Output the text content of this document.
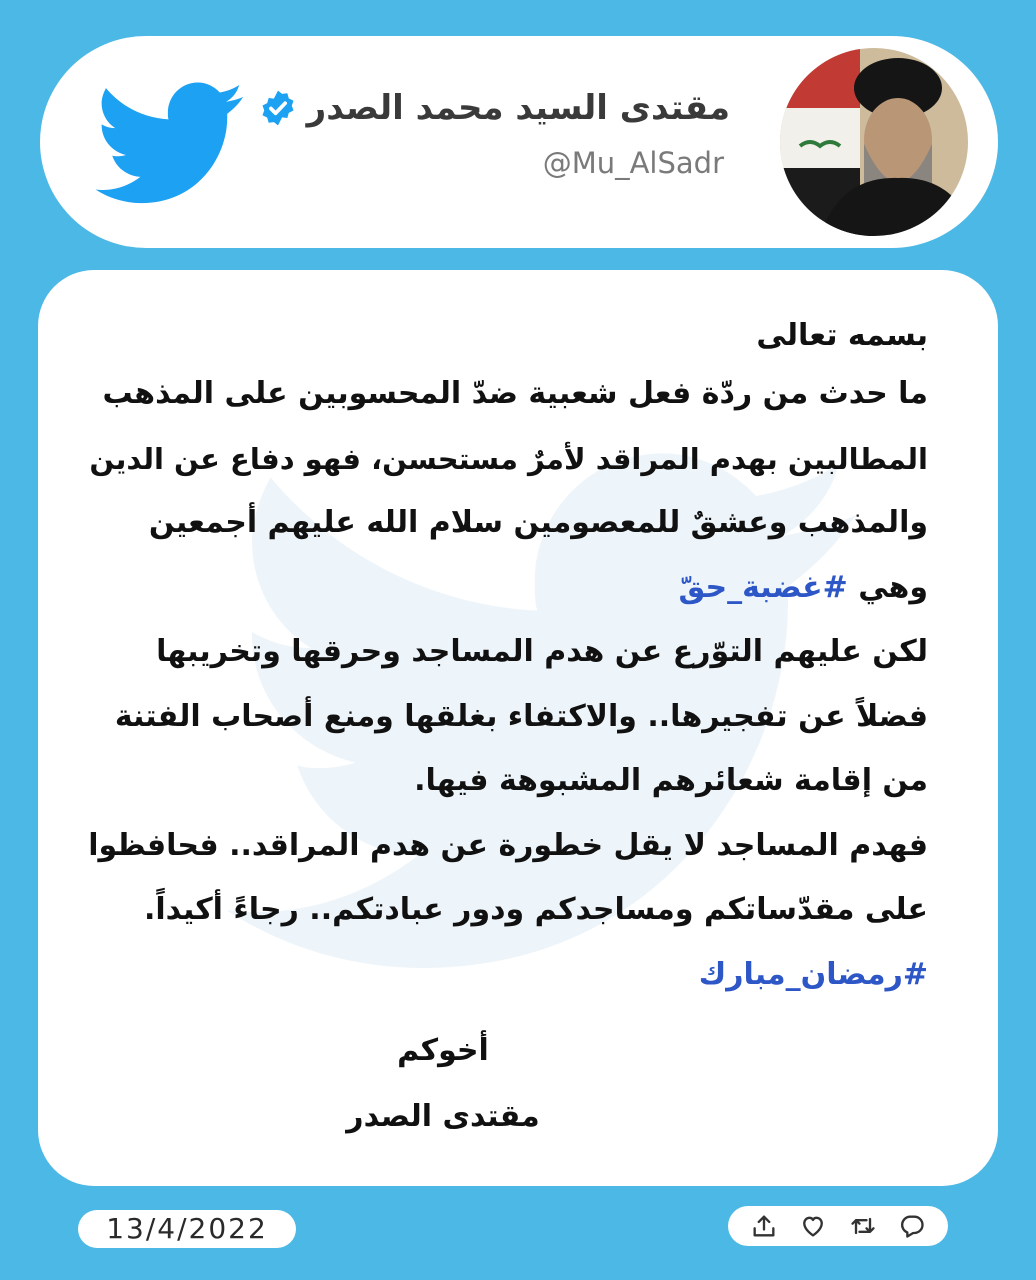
مقتدى السيد محمد الصدر
@Mu_AlSadr
بسمه تعالى
ما حدث من ردّة فعل شعبية ضدّ المحسوبين على المذهب
المطالبين بهدم المراقد لأمرٌ مستحسن، فهو دفاع عن الدين
والمذهب وعشقٌ للمعصومين سلام الله عليهم أجمعين
وهي #غضبة_حقّ
لكن عليهم التوّرع عن هدم المساجد وحرقها وتخريبها
فضلاً عن تفجيرها.. والاكتفاء بغلقها ومنع أصحاب الفتنة
من إقامة شعائرهم المشبوهة فيها.
فهدم المساجد لا يقل خطورة عن هدم المراقد.. فحافظوا
على مقدّساتكم ومساجدكم ودور عبادتكم.. رجاءً أكيداً.
#رمضان_مبارك
أخوكم
مقتدى الصدر
13/4/2022
